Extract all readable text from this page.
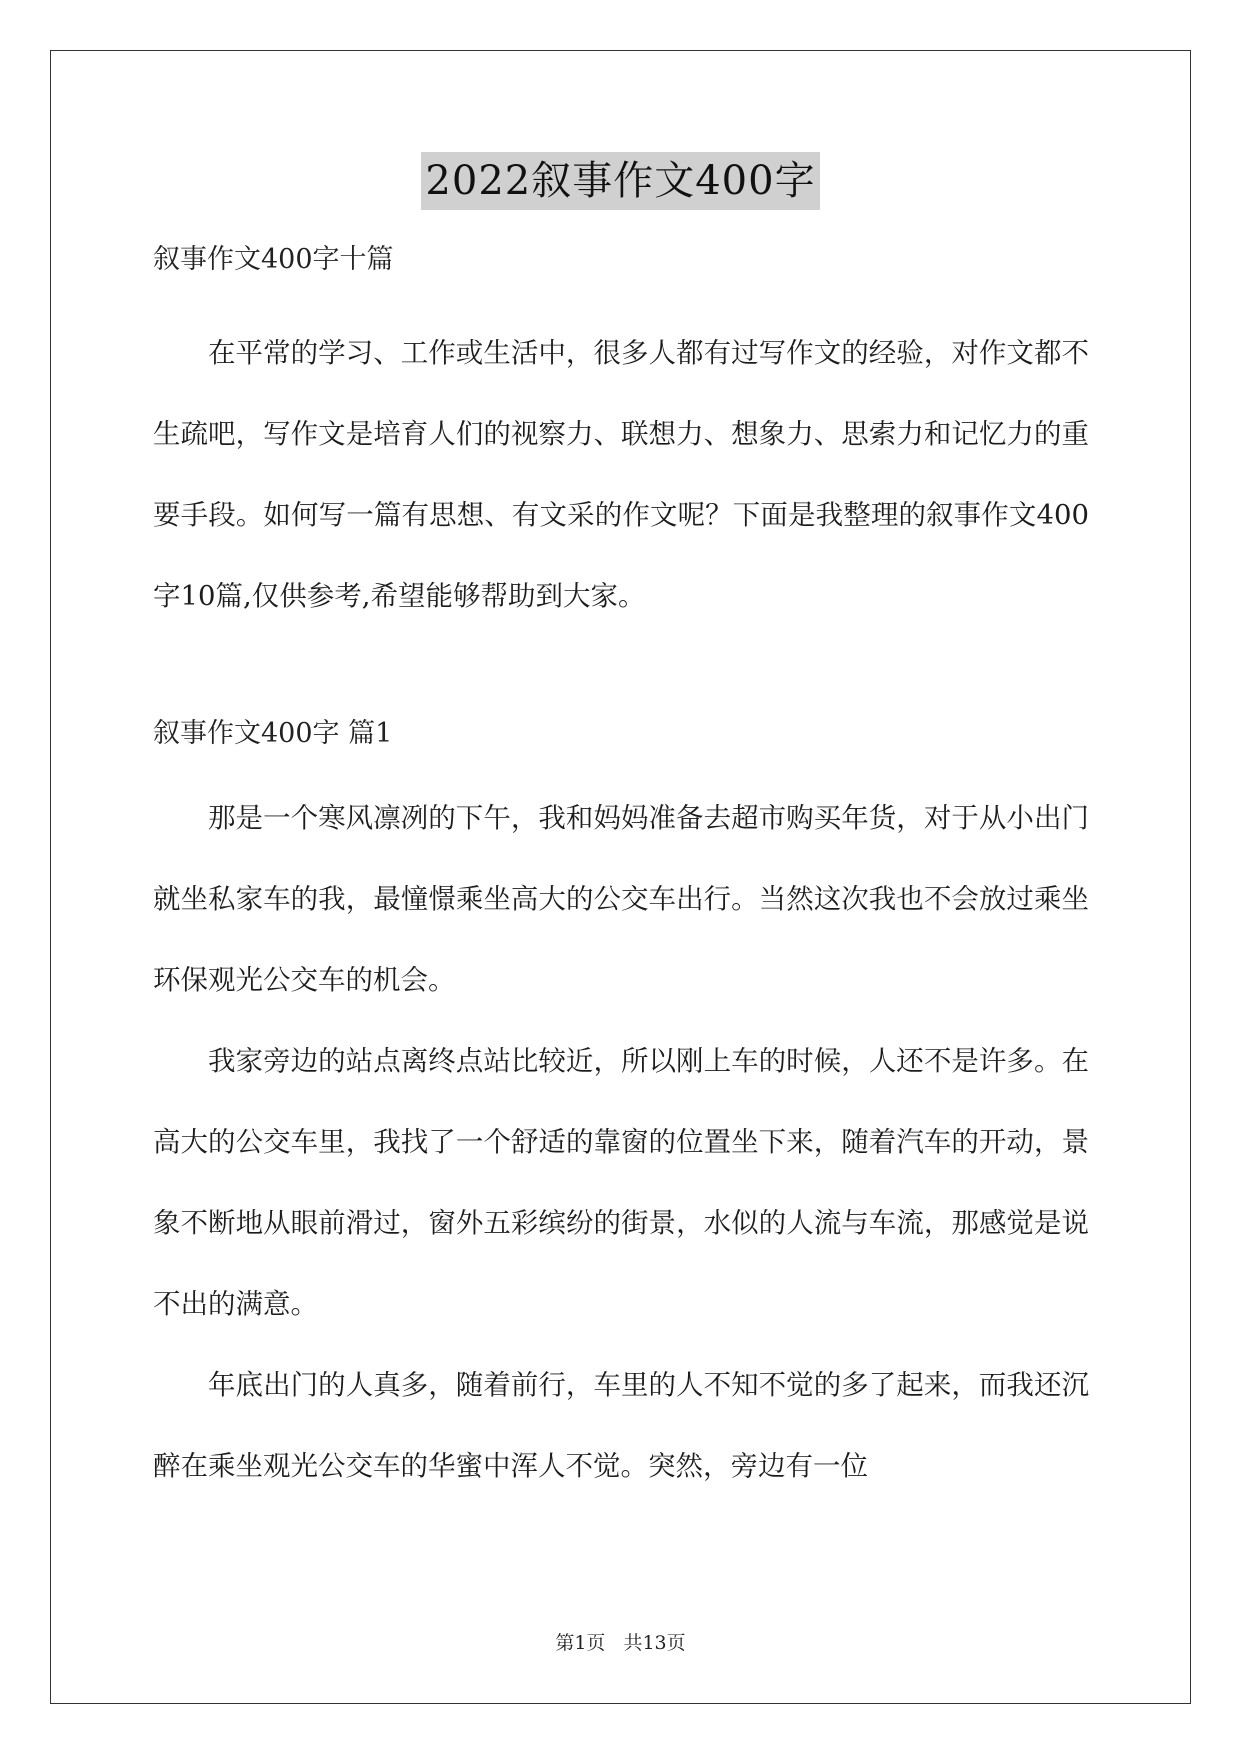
2022叙事作文400字

叙事作文400字十篇

在平常的学习、工作或生活中，很多人都有过写作文的经验，对作文都不生疏吧，写作文是培育人们的视察力、联想力、想象力、思索力和记忆力的重要手段。如何写一篇有思想、有文采的作文呢？下面是我整理的叙事作文400字10篇,仅供参考,希望能够帮助到大家。

叙事作文400字 篇1

那是一个寒风凛冽的下午，我和妈妈准备去超市购买年货，对于从小出门就坐私家车的我，最憧憬乘坐高大的公交车出行。当然这次我也不会放过乘坐环保观光公交车的机会。

我家旁边的站点离终点站比较近，所以刚上车的时候，人还不是许多。在高大的公交车里，我找了一个舒适的靠窗的位置坐下来，随着汽车的开动，景象不断地从眼前滑过，窗外五彩缤纷的街景，水似的人流与车流，那感觉是说不出的满意。

年底出门的人真多，随着前行，车里的人不知不觉的多了起来，而我还沉醉在乘坐观光公交车的华蜜中浑人不觉。突然，旁边有一位

第1页 共13页
